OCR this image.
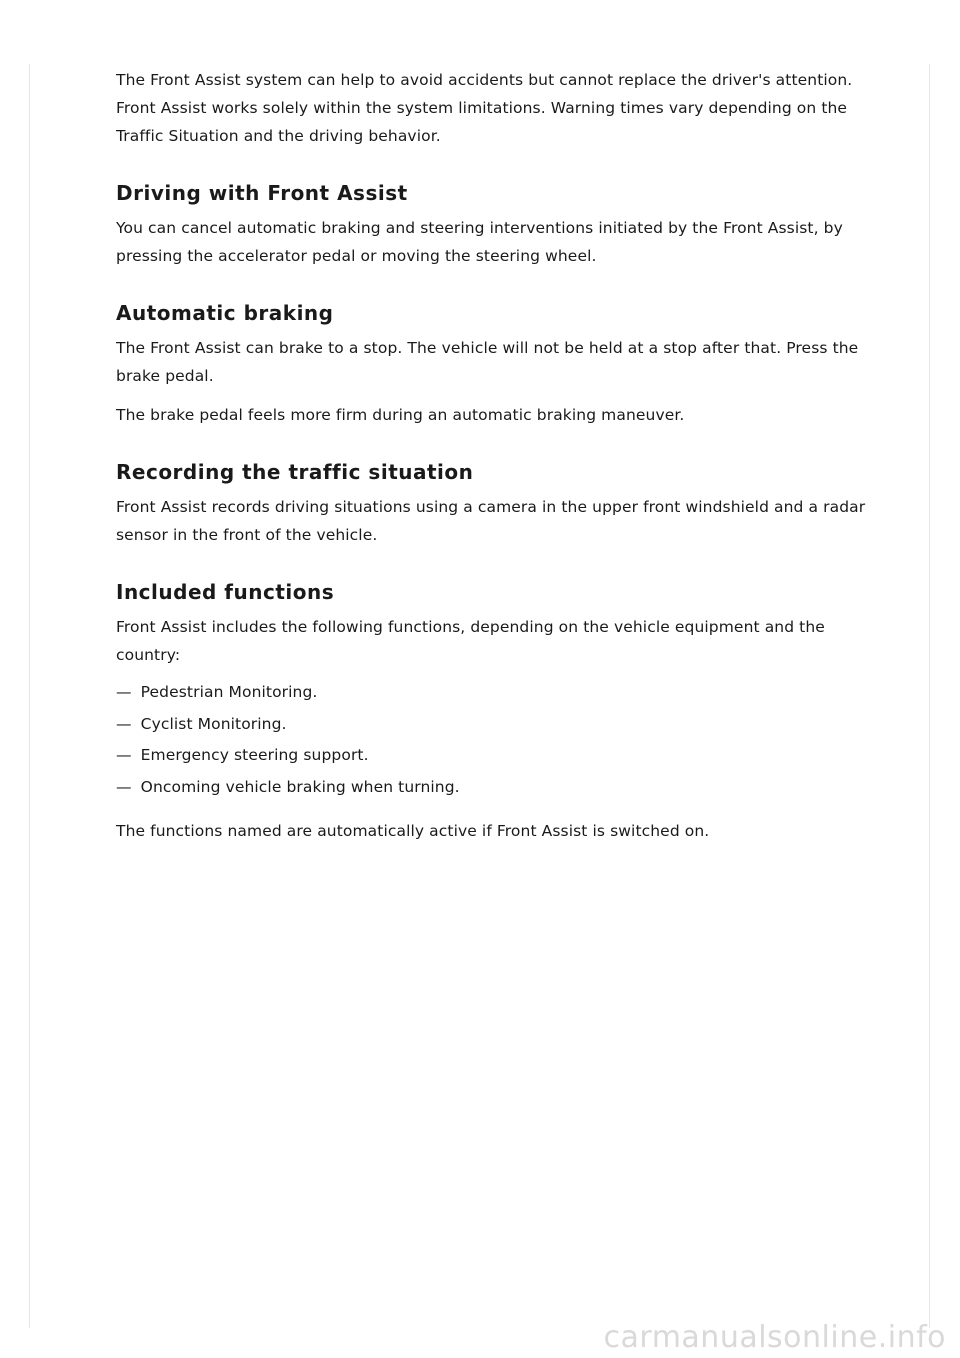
The Front Assist system can help to avoid accidents but cannot replace the driver's attention. Front Assist works solely within the system limitations. Warning times vary depending on the Traffic Situation and the driving behavior.

Driving with Front Assist

You can cancel automatic braking and steering interventions initiated by the Front Assist, by pressing the accelerator pedal or moving the steering wheel.

Automatic braking

The Front Assist can brake to a stop. The vehicle will not be held at a stop after that. Press the brake pedal.

The brake pedal feels more firm during an automatic braking maneuver.

Recording the traffic situation

Front Assist records driving situations using a camera in the upper front windshield and a radar sensor in the front of the vehicle.

Included functions

Front Assist includes the following functions, depending on the vehicle equipment and the country:

— Pedestrian Monitoring.
— Cyclist Monitoring.
— Emergency steering support.
— Oncoming vehicle braking when turning.

The functions named are automatically active if Front Assist is switched on.

carmanualsonline.info
